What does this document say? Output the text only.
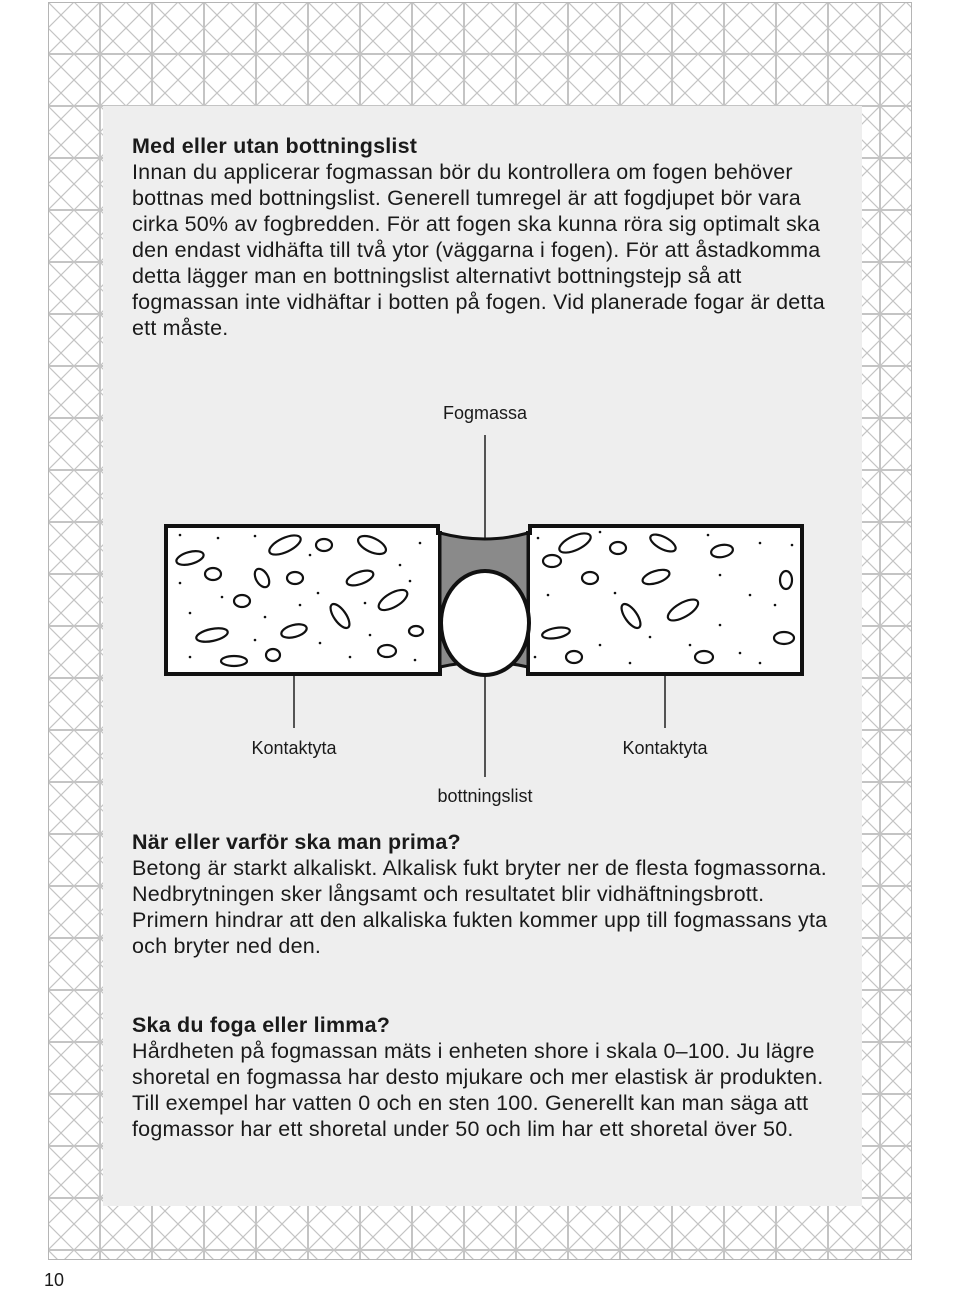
Med eller utan bottningslist

Innan du applicerar fogmassan bör du kontrollera om fogen behöver bottnas med bottningslist. Generell tumregel är att fogdjupet bör vara cirka 50% av fogbredden. För att fogen ska kunna röra sig optimalt ska den endast vidhäfta till två ytor (väggarna i fogen). För att åstadkomma detta lägger man en bottningslist alternativt bottningstejp så att fogmassan inte vidhäftar i botten på fogen. Vid planerade fogar är detta ett måste.

Fogmassa
Kontaktyta	Kontaktyta
bottningslist
När eller varför ska man prima?

Betong är starkt alkaliskt. Alkalisk fukt bryter ner de flesta fogmassorna. Nedbrytningen sker långsamt och resultatet blir vidhäftningsbrott. Primern hindrar att den alkaliska fukten kommer upp till fogmassans yta och bryter ned den.

Ska du foga eller limma?

Hårdheten på fogmassan mäts i enheten shore i skala 0–100. Ju lägre shoretal en fogmassa har desto mjukare och mer elastisk är produkten. Till exempel har vatten 0 och en sten 100. Generellt kan man säga att fogmassor har ett shoretal under 50 och lim har ett shoretal över 50.

10
